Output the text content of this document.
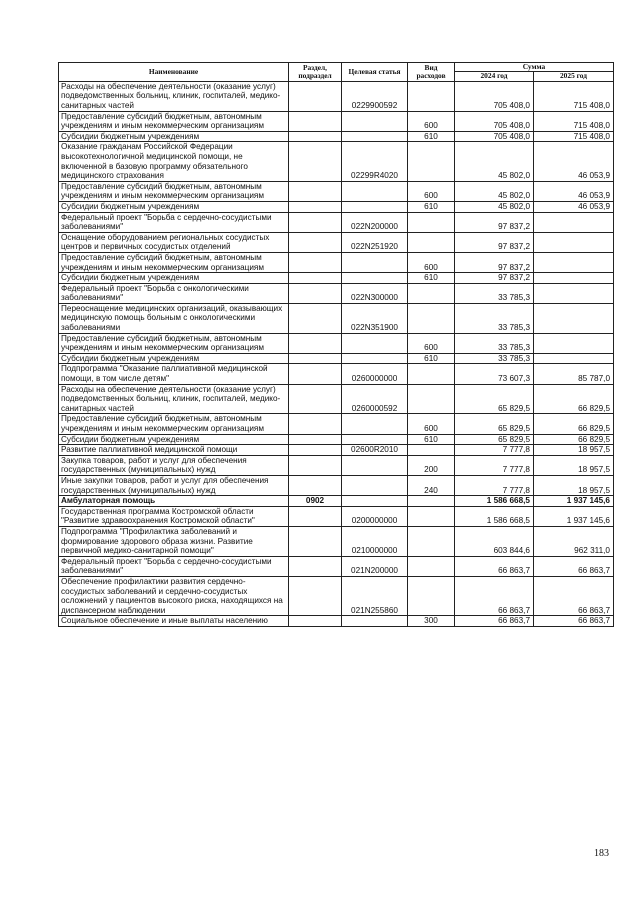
Наименование	Раздел, подраздел	Целевая статья	Вид расходов	Сумма	
				2024 год	2025 год
Расходы на обеспечение деятельности (оказание услуг) подведомственных больниц, клиник, госпиталей, медико-санитарных частей		0229900592		705 408,0	715 408,0
Предоставление субсидий бюджетным, автономным учреждениям и иным некоммерческим организациям			600	705 408,0	715 408,0
Субсидии бюджетным учреждениям			610	705 408,0	715 408,0
Оказание гражданам Российской Федерации высокотехнологичной медицинской помощи, не включенной в базовую программу обязательного медицинского страхования		02299R4020		45 802,0	46 053,9
Предоставление субсидий бюджетным, автономным учреждениям и иным некоммерческим организациям			600	45 802,0	46 053,9
Субсидии бюджетным учреждениям			610	45 802,0	46 053,9
Федеральный проект "Борьба с сердечно-сосудистыми заболеваниями"		022N200000		97 837,2	
Оснащение оборудованием региональных сосудистых центров и первичных сосудистых отделений		022N251920		97 837,2	
Предоставление субсидий бюджетным, автономным учреждениям и иным некоммерческим организациям			600	97 837,2	
Субсидии бюджетным учреждениям			610	97 837,2	
Федеральный проект "Борьба с онкологическими заболеваниями"		022N300000		33 785,3	
Переоснащение медицинских организаций, оказывающих медицинскую помощь больным с онкологическими заболеваниями		022N351900		33 785,3	
Предоставление субсидий бюджетным, автономным учреждениям и иным некоммерческим организациям			600	33 785,3	
Субсидии бюджетным учреждениям			610	33 785,3	
Подпрограмма "Оказание паллиативной медицинской помощи, в том числе детям"		0260000000		73 607,3	85 787,0
Расходы на обеспечение деятельности (оказание услуг) подведомственных больниц, клиник, госпиталей, медико-санитарных частей		0260000592		65 829,5	66 829,5
Предоставление субсидий бюджетным, автономным учреждениям и иным некоммерческим организациям			600	65 829,5	66 829,5
Субсидии бюджетным учреждениям			610	65 829,5	66 829,5
Развитие паллиативной медицинской помощи		02600R2010		7 777,8	18 957,5
Закупка товаров, работ и услуг для обеспечения государственных (муниципальных) нужд			200	7 777,8	18 957,5
Иные закупки товаров, работ и услуг для обеспечения государственных (муниципальных) нужд			240	7 777,8	18 957,5
Амбулаторная помощь	0902			1 586 668,5	1 937 145,6
Государственная программа Костромской области "Развитие здравоохранения Костромской области"		0200000000		1 586 668,5	1 937 145,6
Подпрограмма "Профилактика заболеваний и формирование здорового образа жизни. Развитие первичной медико-санитарной помощи"		0210000000		603 844,6	962 311,0
Федеральный проект "Борьба с сердечно-сосудистыми заболеваниями"		021N200000		66 863,7	66 863,7
Обеспечение профилактики развития сердечно-сосудистых заболеваний и сердечно-сосудистых осложнений у пациентов высокого риска, находящихся на диспансерном наблюдении		021N255860		66 863,7	66 863,7
Социальное обеспечение и иные выплаты населению			300	66 863,7	66 863,7
183
